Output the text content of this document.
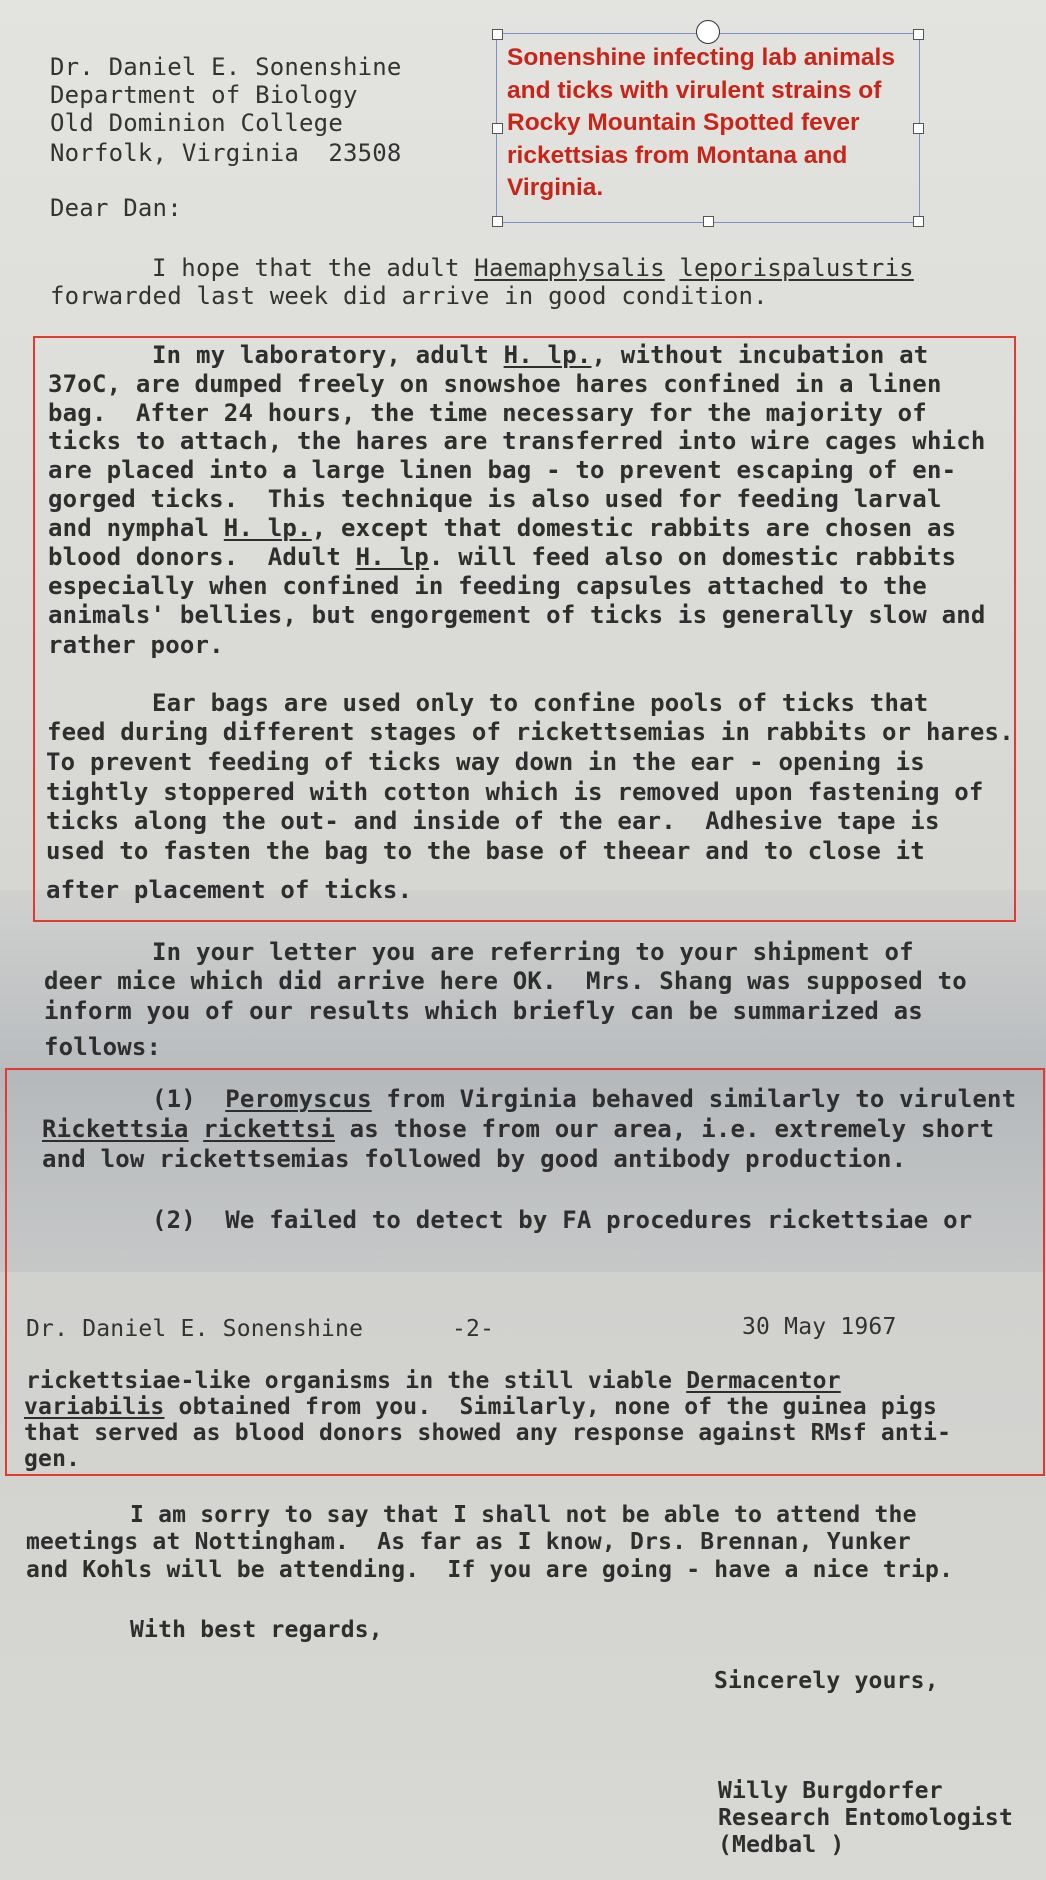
Dr. Daniel E. Sonenshine
Department of Biology
Old Dominion College
Norfolk, Virginia  23508
Dear Dan:
I hope that the adult Haemaphysalis leporispalustris
forwarded last week did arrive in good condition.
In my laboratory, adult H. lp., without incubation at
37oC, are dumped freely on snowshoe hares confined in a linen
bag.  After 24 hours, the time necessary for the majority of
ticks to attach, the hares are transferred into wire cages which
are placed into a large linen bag - to prevent escaping of en-
gorged ticks.  This technique is also used for feeding larval
and nymphal H. lp., except that domestic rabbits are chosen as
blood donors.  Adult H. lp. will feed also on domestic rabbits
especially when confined in feeding capsules attached to the
animals' bellies, but engorgement of ticks is generally slow and
rather poor.
Ear bags are used only to confine pools of ticks that
feed during different stages of rickettsemias in rabbits or hares.
To prevent feeding of ticks way down in the ear - opening is
tightly stoppered with cotton which is removed upon fastening of
ticks along the out- and inside of the ear.  Adhesive tape is
used to fasten the bag to the base of theear and to close it
after placement of ticks.
In your letter you are referring to your shipment of
deer mice which did arrive here OK.  Mrs. Shang was supposed to
inform you of our results which briefly can be summarized as
follows:
(1) Peromyscus from Virginia behaved similarly to virulent
Rickettsia rickettsi as those from our area, i.e. extremely short
and low rickettsemias followed by good antibody production.
(2) We failed to detect by FA procedures rickettsiae or
Dr. Daniel E. Sonenshine	-2-	30 May 1967
rickettsiae-like organisms in the still viable Dermacentor
variabilis obtained from you.  Similarly, none of the guinea pigs
that served as blood donors showed any response against RMsf anti-
gen.
I am sorry to say that I shall not be able to attend the
meetings at Nottingham.  As far as I know, Drs. Brennan, Yunker
and Kohls will be attending.  If you are going - have a nice trip.
With best regards,
Sincerely yours,
Willy Burgdorfer
Research Entomologist
(Medbal )
Sonenshine infecting lab animals and ticks with virulent strains of Rocky Mountain Spotted fever rickettsias from Montana and Virginia.
